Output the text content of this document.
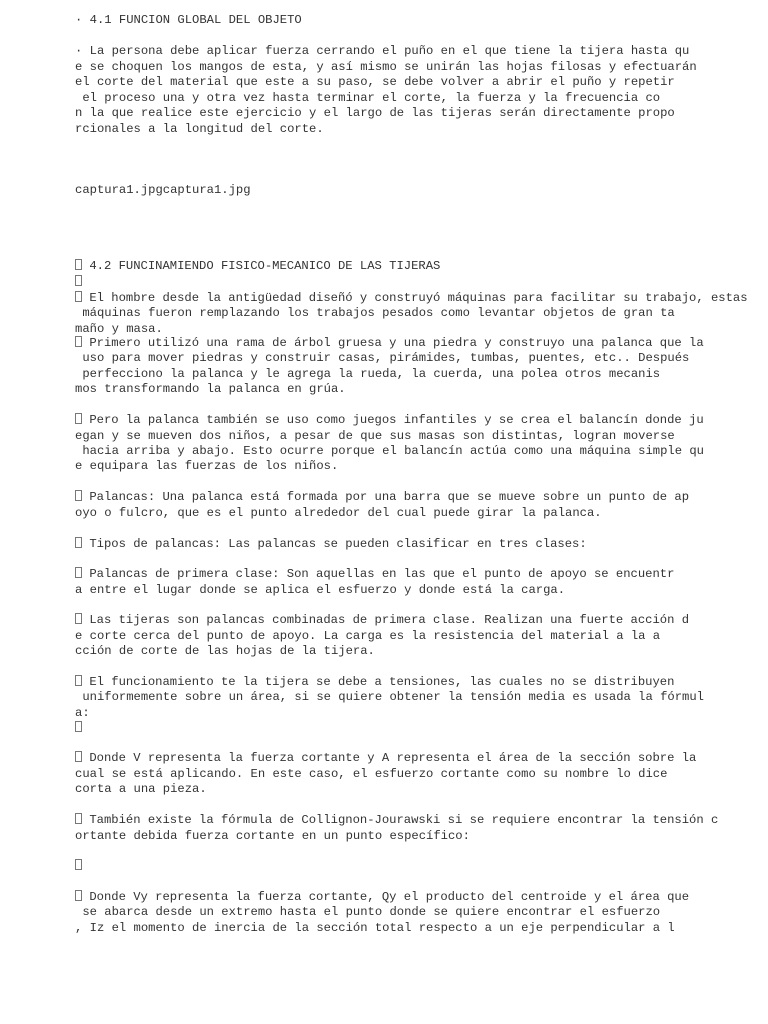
· 4.1 FUNCION GLOBAL DEL OBJETO

· La persona debe aplicar fuerza cerrando el puño en el que tiene la tijera hasta qu

e se choquen los mangos de esta, y así mismo se unirán las hojas filosas y efectuarán

el corte del material que este a su paso, se debe volver a abrir el puño y repetir

el proceso una y otra vez hasta terminar el corte, la fuerza y la frecuencia co

n la que realice este ejercicio y el largo de las tijeras serán directamente propo

rcionales a la longitud del corte.

captura1.jpgcaptura1.jpg

4.2 FUNCINAMIENDO FISICO-MECANICO DE LAS TIJERAS
El hombre desde la antigüedad diseñó y construyó máquinas para facilitar su trabajo, estas

máquinas fueron remplazando los trabajos pesados como levantar objetos de gran ta

maño y masa.

Primero utilizó una rama de árbol gruesa y una piedra y construyo una palanca que la

uso para mover piedras y construir casas, pirámides, tumbas, puentes, etc.. Después

perfecciono la palanca y le agrega la rueda, la cuerda, una polea otros mecanis

mos transformando la palanca en grúa.

Pero la palanca también se uso como juegos infantiles y se crea el balancín donde ju

egan y se mueven dos niños, a pesar de que sus masas son distintas, logran moverse

hacia arriba y abajo. Esto ocurre porque el balancín actúa como una máquina simple qu

e equipara las fuerzas de los niños.

Palancas: Una palanca está formada por una barra que se mueve sobre un punto de ap

oyo o fulcro, que es el punto alrededor del cual puede girar la palanca.

Tipos de palancas: Las palancas se pueden clasificar en tres clases:
Palancas de primera clase: Son aquellas en las que el punto de apoyo se encuentr

a entre el lugar donde se aplica el esfuerzo y donde está la carga.

Las tijeras son palancas combinadas de primera clase. Realizan una fuerte acción d

e corte cerca del punto de apoyo. La carga es la resistencia del material a la a

cción de corte de las hojas de la tijera.

El funcionamiento te la tijera se debe a tensiones, las cuales no se distribuyen

uniformemente sobre un área, si se quiere obtener la tensión media es usada la fórmul

a:

Donde V representa la fuerza cortante y A representa el área de la sección sobre la

cual se está aplicando. En este caso, el esfuerzo cortante como su nombre lo dice

corta a una pieza.

También existe la fórmula de Collignon-Jourawski si se requiere encontrar la tensión c

ortante debida fuerza cortante en un punto específico:

Donde Vy representa la fuerza cortante, Qy el producto del centroide y el área que

se abarca desde un extremo hasta el punto donde se quiere encontrar el esfuerzo

, Iz el momento de inercia de la sección total respecto a un eje perpendicular a l
